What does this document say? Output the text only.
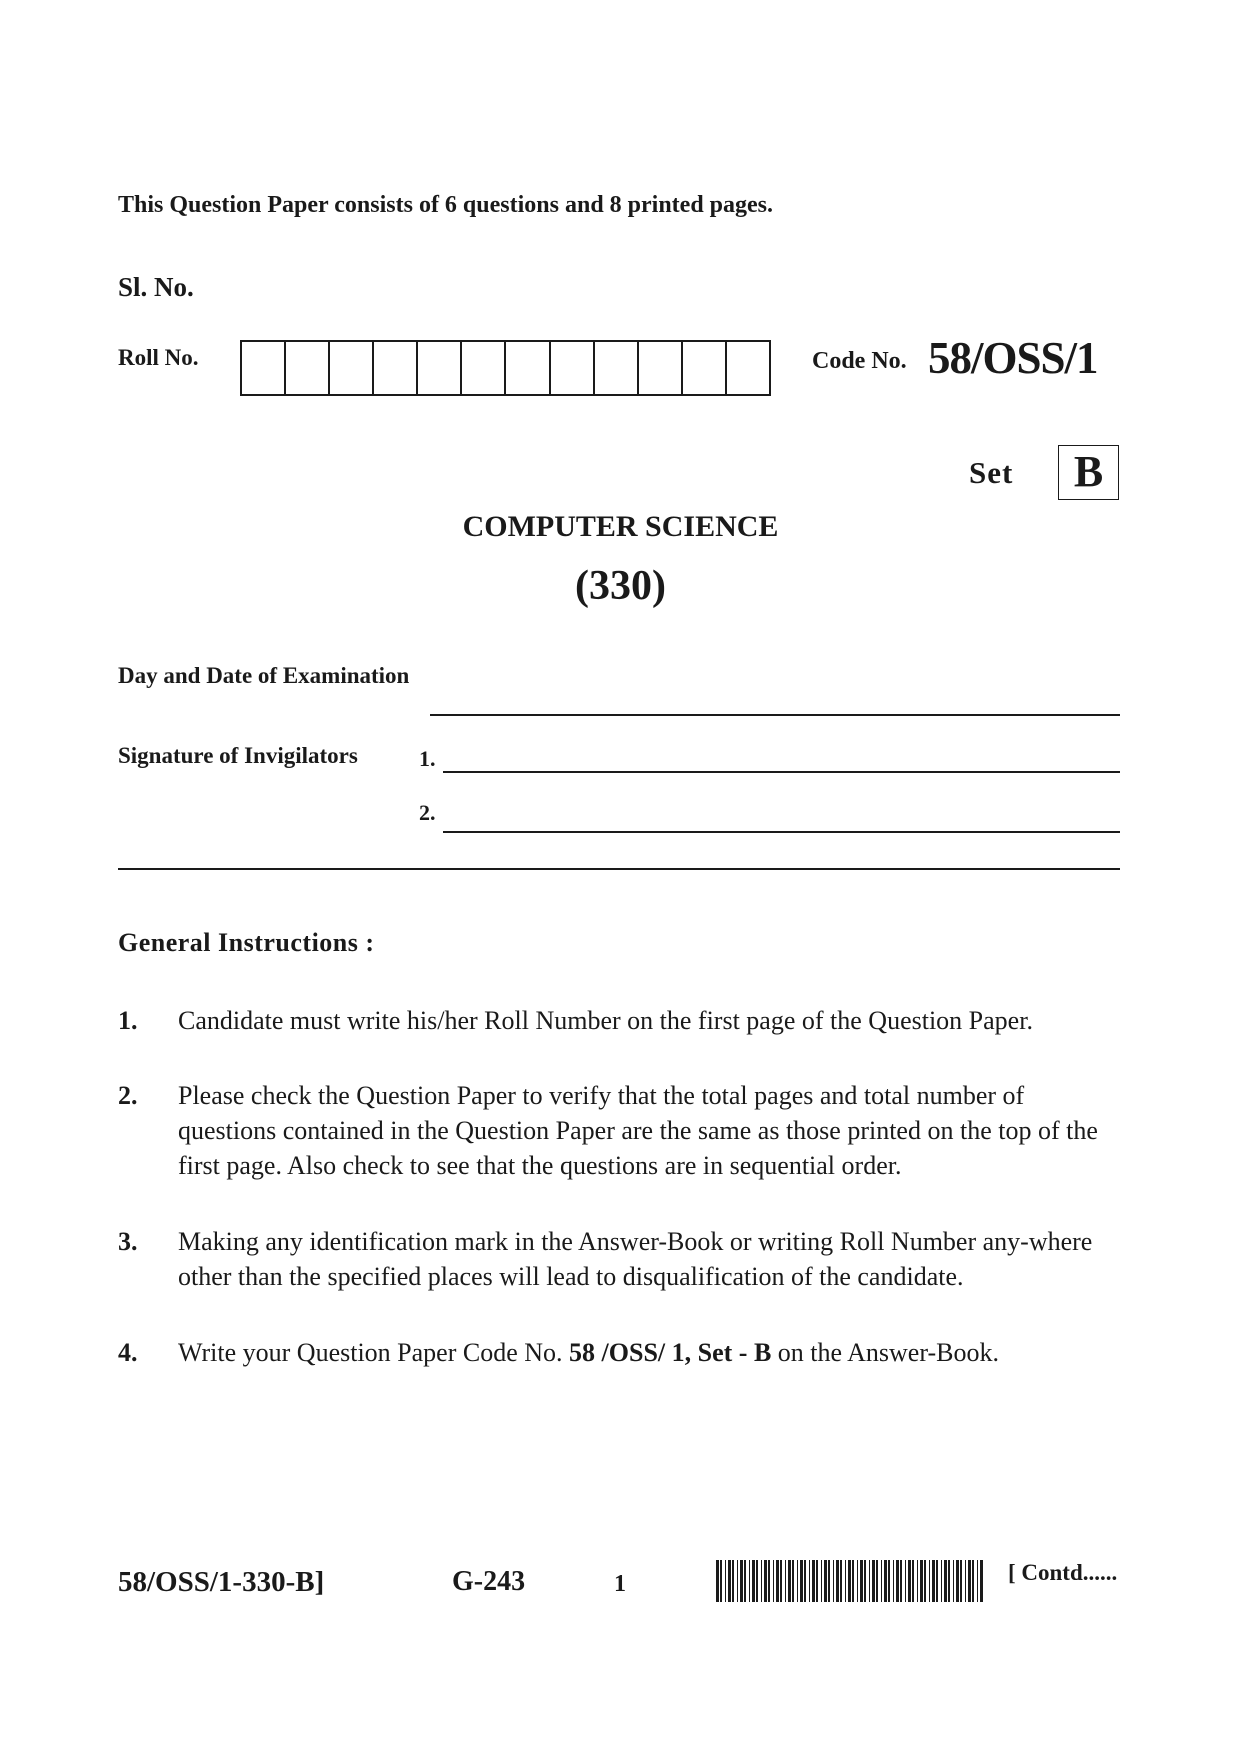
This Question Paper consists of 6 questions and 8 printed pages.
Sl. No.
Roll No.	Code No. 58/OSS/1
Set	B
COMPUTER SCIENCE
(330)
Day and Date of Examination
Signature of Invigilators	1.
2.
General Instructions :
1. Candidate must write his/her Roll Number on the first page of the Question Paper.
2. Please check the Question Paper to verify that the total pages and total number of questions contained in the Question Paper are the same as those printed on the top of the first page. Also check to see that the questions are in sequential order.
3. Making any identification mark in the Answer-Book or writing Roll Number any-where other than the specified places will lead to disqualification of the candidate.
4. Write your Question Paper Code No. 58 /OSS/ 1, Set - B on the Answer-Book.
58/OSS/1-330-B]	G-243	1	[ Contd......
